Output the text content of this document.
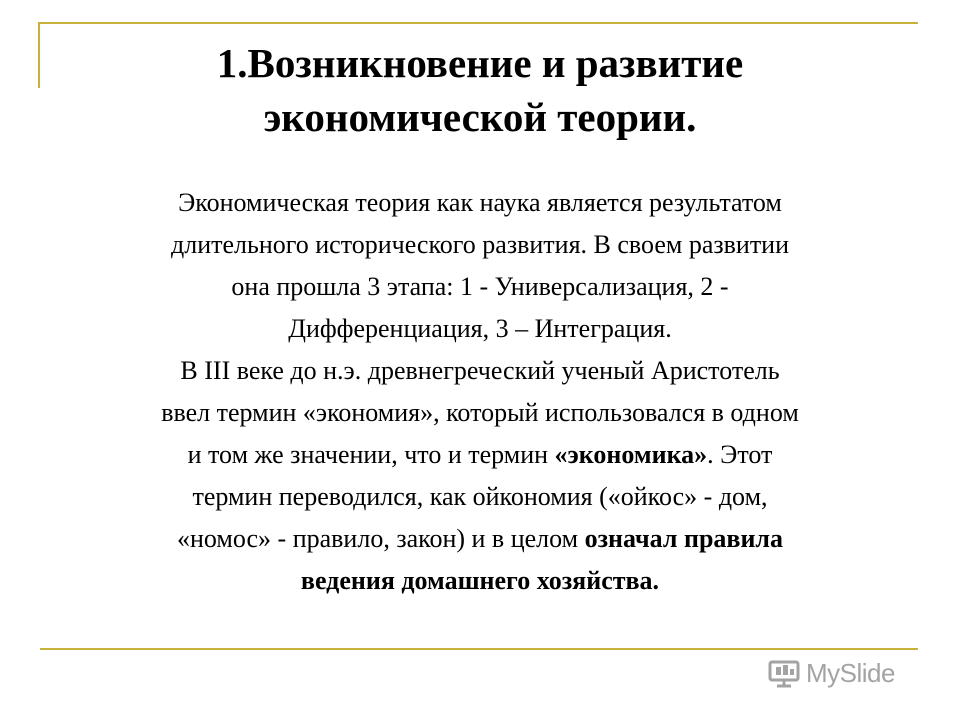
1.Возникновение и развитие
экономической теории.
Экономическая теория как наука является результатом
длительного исторического развития. В своем развитии
она прошла 3 этапа: 1 - Универсализация, 2 -
Дифференциация, 3 – Интеграция.
В III веке до н.э. древнегреческий ученый Аристотель
ввел термин «экономия», который использовался в одном
и том же значении, что и термин «экономика». Этот
термин переводился, как ойкономия («ойкос» - дом,
«номос» - правило, закон) и в целом означал правила
ведения домашнего хозяйства.
MySlide
